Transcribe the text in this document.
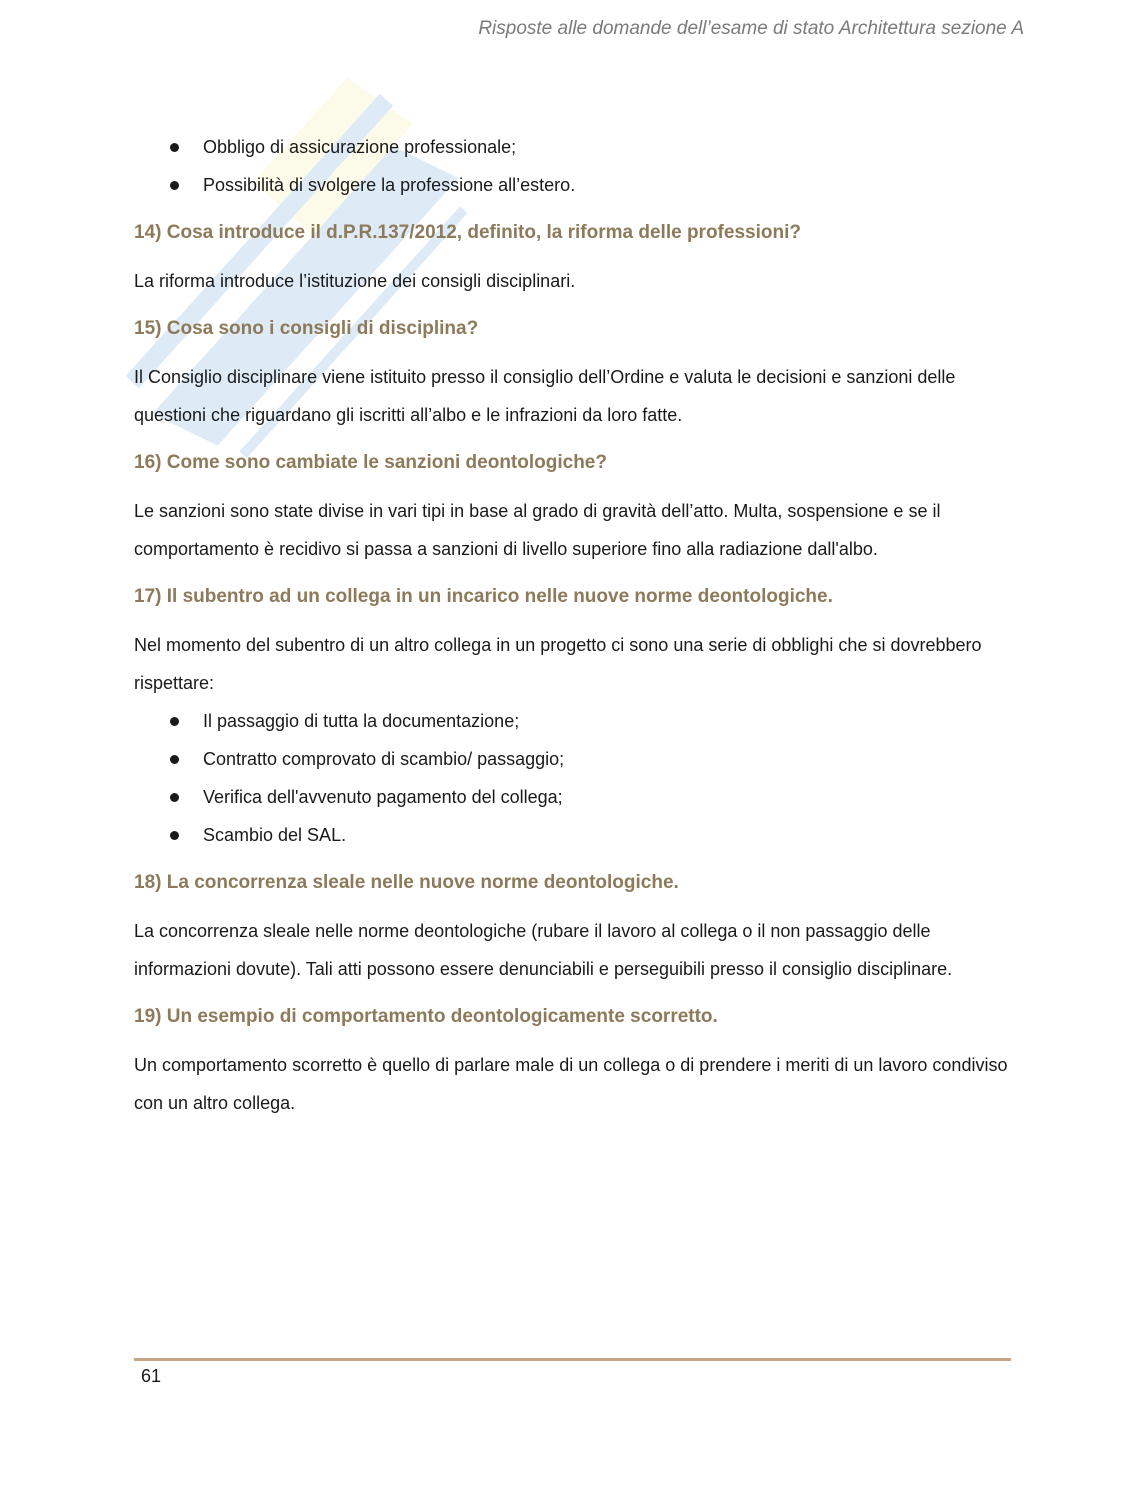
Risposte alle domande dell’esame di stato Architettura sezione A
Obbligo di assicurazione professionale;
Possibilità di svolgere la professione all’estero.
14) Cosa introduce il d.P.R.137/2012, definito, la riforma delle professioni?

La riforma introduce l’istituzione dei consigli disciplinari.

15) Cosa sono i consigli di disciplina?

Il Consiglio disciplinare viene istituito presso il consiglio dell’Ordine e valuta le decisioni e sanzioni delle questioni che riguardano gli iscritti all’albo e le infrazioni da loro fatte.

16) Come sono cambiate le sanzioni deontologiche?

Le sanzioni sono state divise in vari tipi in base al grado di gravità dell’atto. Multa, sospensione e se il comportamento è recidivo si passa a sanzioni di livello superiore fino alla radiazione dall'albo.

17) Il subentro ad un collega in un incarico nelle nuove norme deontologiche.

Nel momento del subentro di un altro collega in un progetto ci sono una serie di obblighi che si dovrebbero rispettare:

Il passaggio di tutta la documentazione;
Contratto comprovato di scambio/ passaggio;
Verifica dell'avvenuto pagamento del collega;
Scambio del SAL.
18) La concorrenza sleale nelle nuove norme deontologiche.

La concorrenza sleale nelle norme deontologiche (rubare il lavoro al collega o il non passaggio delle informazioni dovute). Tali atti possono essere denunciabili e perseguibili presso il consiglio disciplinare.

19) Un esempio di comportamento deontologicamente scorretto.

Un comportamento scorretto è quello di parlare male di un collega o di prendere i meriti di un lavoro condiviso con un altro collega.

61
